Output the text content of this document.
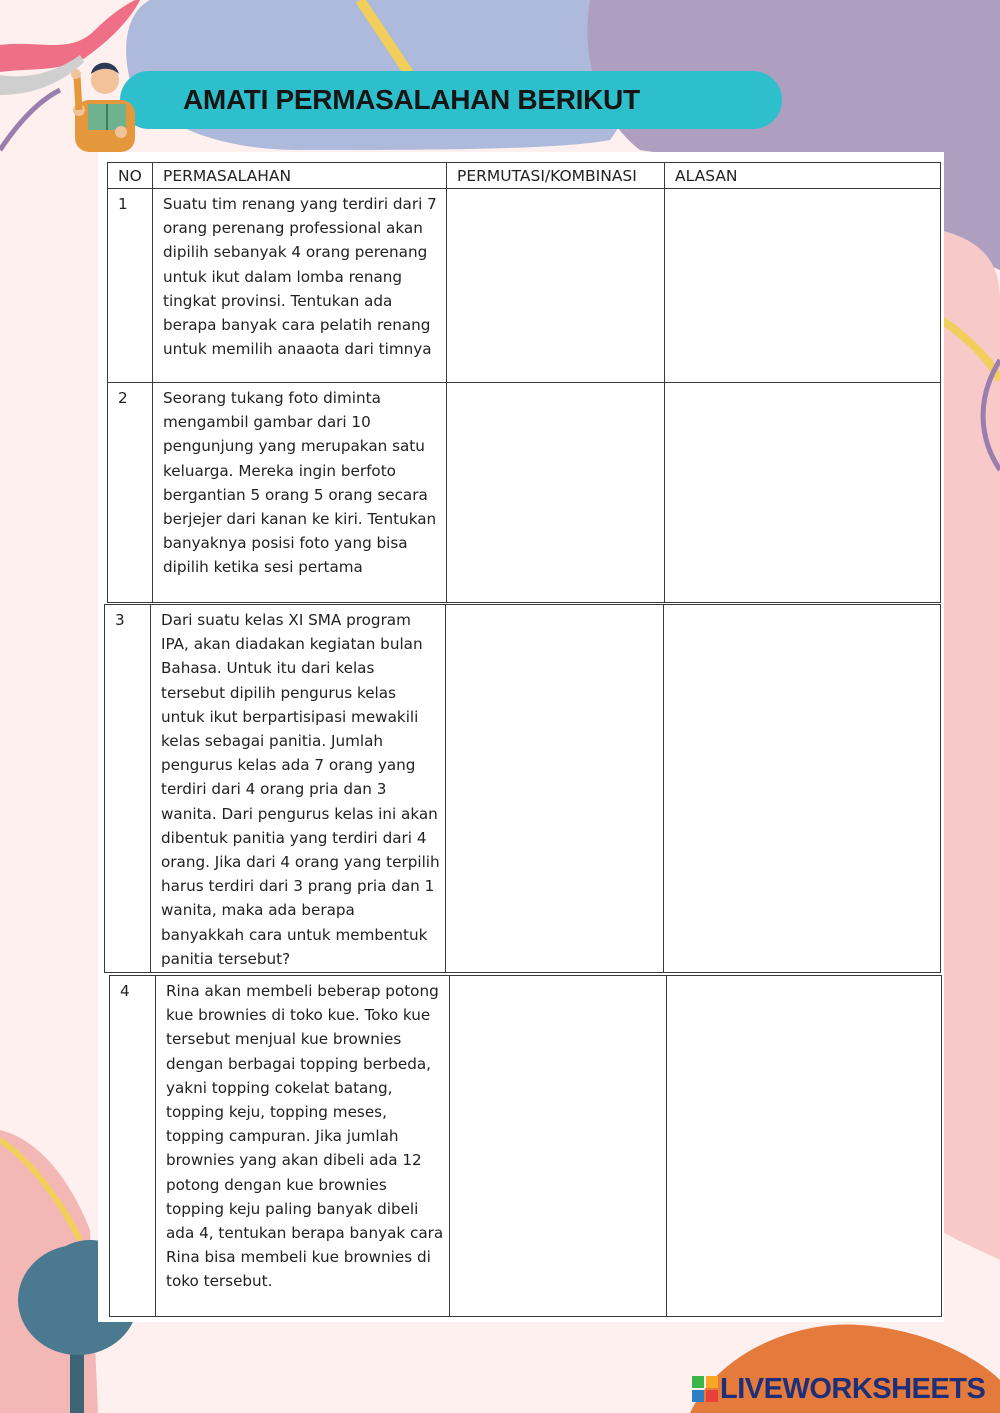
AMATI PERMASALAHAN BERIKUT
NO	PERMASALAHAN	PERMUTASI/KOMBINASI	ALASAN
1	Suatu tim renang yang terdiri dari 7 orang perenang professional akan dipilih sebanyak 4 orang perenang untuk ikut dalam lomba renang tingkat provinsi. Tentukan ada berapa banyak cara pelatih renang untuk memilih anaaota dari timnya		
2	Seorang tukang foto diminta mengambil gambar dari 10 pengunjung yang merupakan satu keluarga. Mereka ingin berfoto bergantian 5 orang 5 orang secara berjejer dari kanan ke kiri. Tentukan banyaknya posisi foto yang bisa dipilih ketika sesi pertama		
3	Dari suatu kelas XI SMA program IPA, akan diadakan kegiatan bulan Bahasa. Untuk itu dari kelas tersebut dipilih pengurus kelas untuk ikut berpartisipasi mewakili kelas sebagai panitia. Jumlah pengurus kelas ada 7 orang yang terdiri dari 4 orang pria dan 3 wanita. Dari pengurus kelas ini akan dibentuk panitia yang terdiri dari 4 orang. Jika dari 4 orang yang terpilih harus terdiri dari 3 prang pria dan 1 wanita, maka ada berapa banyakkah cara untuk membentuk panitia tersebut?		
4	Rina akan membeli beberap potong kue brownies di toko kue. Toko kue tersebut menjual kue brownies dengan berbagai topping berbeda, yakni topping cokelat batang, topping keju, topping meses, topping campuran. Jika jumlah brownies yang akan dibeli ada 12 potong dengan kue brownies topping keju paling banyak dibeli ada 4, tentukan berapa banyak cara Rina bisa membeli kue brownies di toko tersebut.		
LIVEWORKSHEETS
